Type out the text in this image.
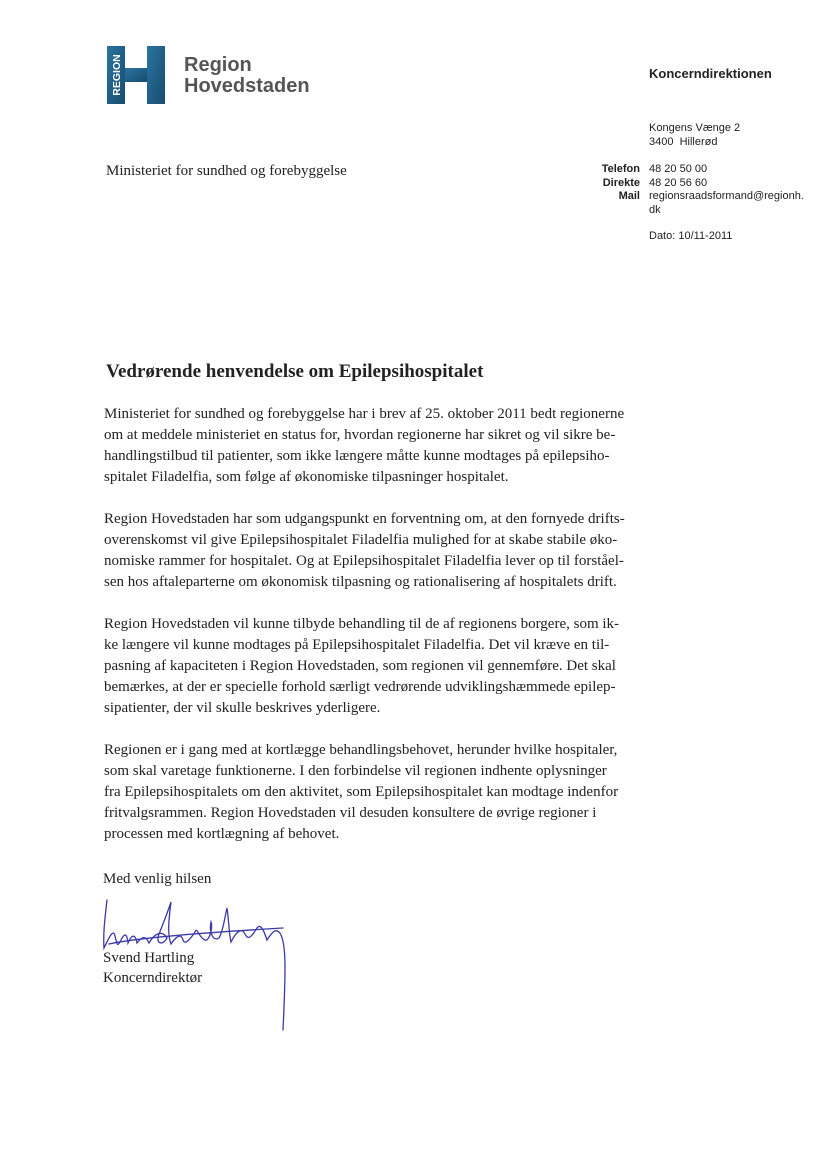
REGION	Region
Hovedstaden
Koncerndirektionen
Kongens Vænge 2
3400  Hillerød
Ministeriet for sundhed og forebyggelse	Telefon
Direkte
Mail
48 20 50 00
48 20 56 60
regionsraadsformand@regionh.
dk
Dato: 10/11-2011
Vedrørende henvendelse om Epilepsihospitalet
Ministeriet for sundhed og forebyggelse har i brev af 25. oktober 2011 bedt regionerne
om at meddele ministeriet en status for, hvordan regionerne har sikret og vil sikre be-
handlingstilbud til patienter, som ikke længere måtte kunne modtages på epilepsiho-
spitalet Filadelfia, som følge af økonomiske tilpasninger hospitalet.
Region Hovedstaden har som udgangspunkt en forventning om, at den fornyede drifts-
overenskomst vil give Epilepsihospitalet Filadelfia mulighed for at skabe stabile øko-
nomiske rammer for hospitalet. Og at Epilepsihospitalet Filadelfia lever op til forståel-
sen hos aftaleparterne om økonomisk tilpasning og rationalisering af hospitalets drift.
Region Hovedstaden vil kunne tilbyde behandling til de af regionens borgere, som ik-
ke længere vil kunne modtages på Epilepsihospitalet Filadelfia. Det vil kræve en til-
pasning af kapaciteten i Region Hovedstaden, som regionen vil gennemføre. Det skal
bemærkes, at der er specielle forhold særligt vedrørende udviklingshæmmede epilep-
sipatienter, der vil skulle beskrives yderligere.
Regionen er i gang med at kortlægge behandlingsbehovet, herunder hvilke hospitaler,
som skal varetage funktionerne. I den forbindelse vil regionen indhente oplysninger
fra Epilepsihospitalets om den aktivitet, som Epilepsihospitalet kan modtage indenfor
fritvalgsrammen. Region Hovedstaden vil desuden konsultere de øvrige regioner i
processen med kortlægning af behovet.
Med venlig hilsen
Svend Hartling
Koncerndirektør
